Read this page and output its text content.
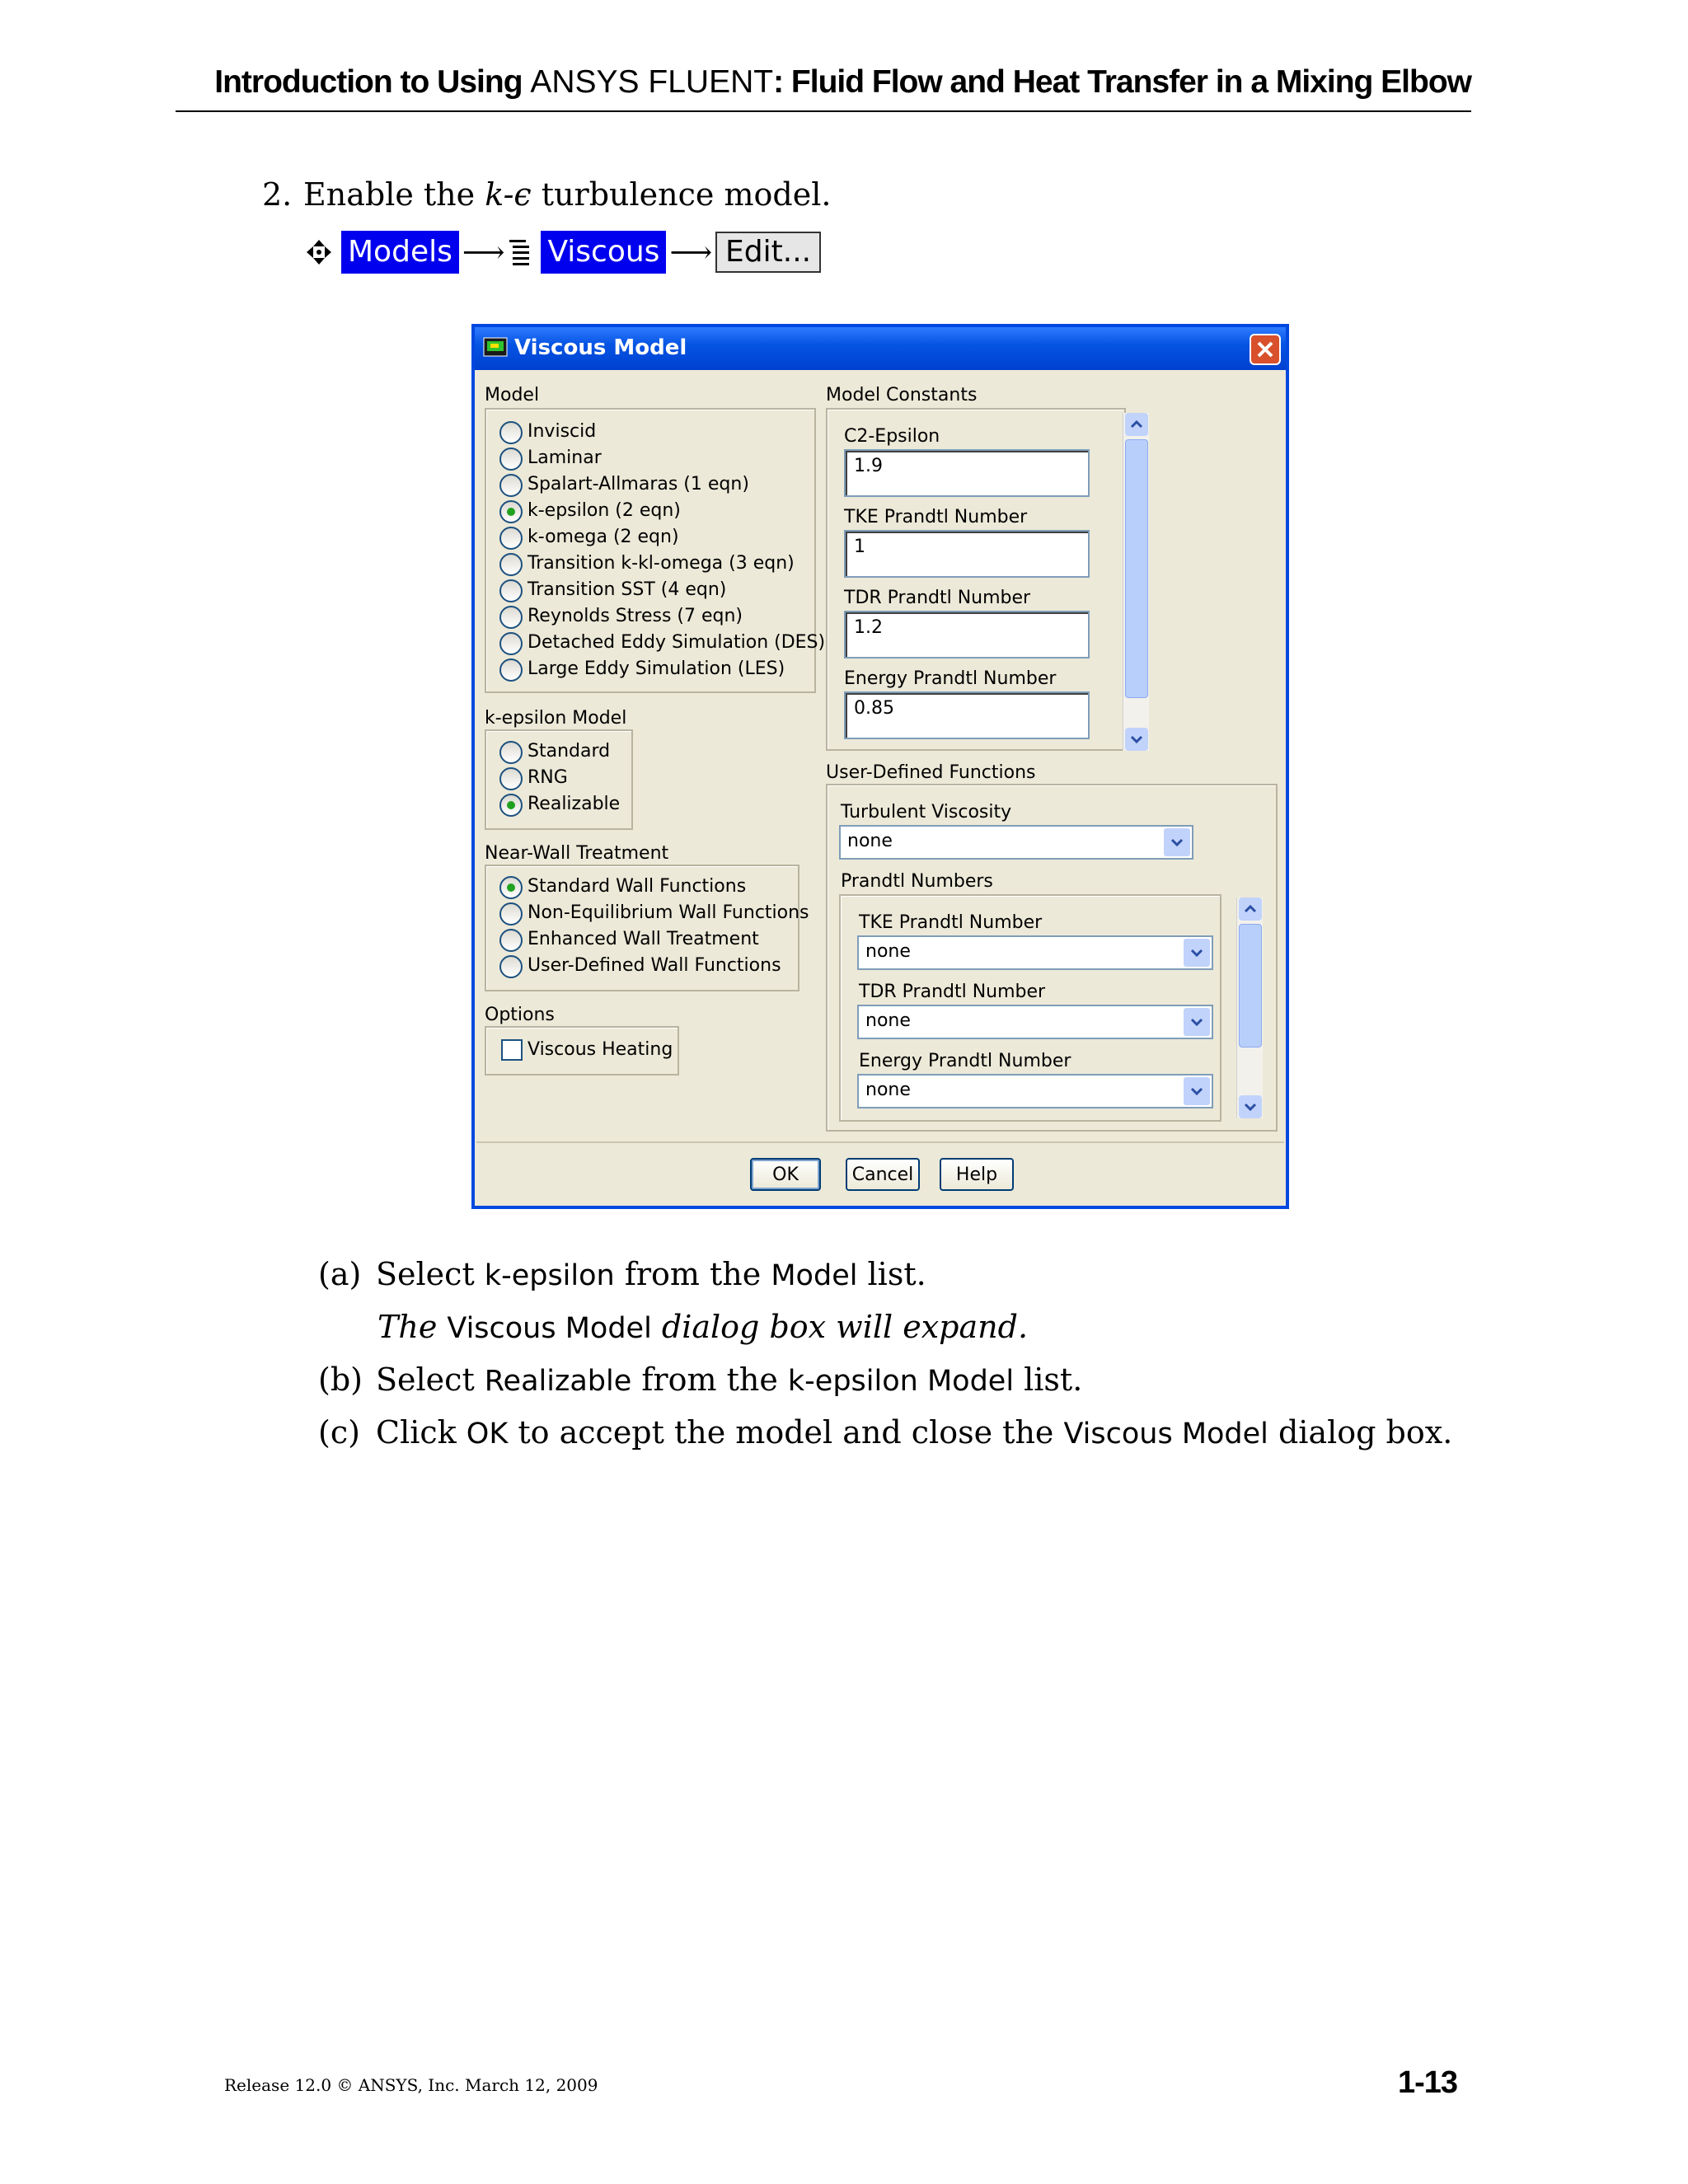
Introduction to Using ANSYS FLUENT: Fluid Flow and Heat Transfer in a Mixing Elbow
2. Enable the k-ϵ turbulence model.
Models ⟶ Viscous ⟶ Edit...
Viscous Model
Model
Inviscid
Laminar
Spalart-Allmaras (1 eqn)
k-epsilon (2 eqn)
k-omega (2 eqn)
Transition k-kl-omega (3 eqn)
Transition SST (4 eqn)
Reynolds Stress (7 eqn)
Detached Eddy Simulation (DES)
Large Eddy Simulation (LES)
k-epsilon Model
Standard
RNG
Realizable
Near-Wall Treatment
Standard Wall Functions
Non-Equilibrium Wall Functions
Enhanced Wall Treatment
User-Defined Wall Functions
Options
Viscous Heating
Model Constants
C2-Epsilon
1.9
TKE Prandtl Number
1
TDR Prandtl Number
1.2
Energy Prandtl Number
0.85
User-Defined Functions
Turbulent Viscosity
none
Prandtl Numbers
TKE Prandtl Number
none
TDR Prandtl Number
none
Energy Prandtl Number
none
OK	Cancel	Help
(a) Select k-epsilon from the Model list.
The Viscous Model dialog box will expand.
(b) Select Realizable from the k-epsilon Model list.
(c) Click OK to accept the model and close the Viscous Model dialog box.
Release 12.0 © ANSYS, Inc. March 12, 2009	1-13
